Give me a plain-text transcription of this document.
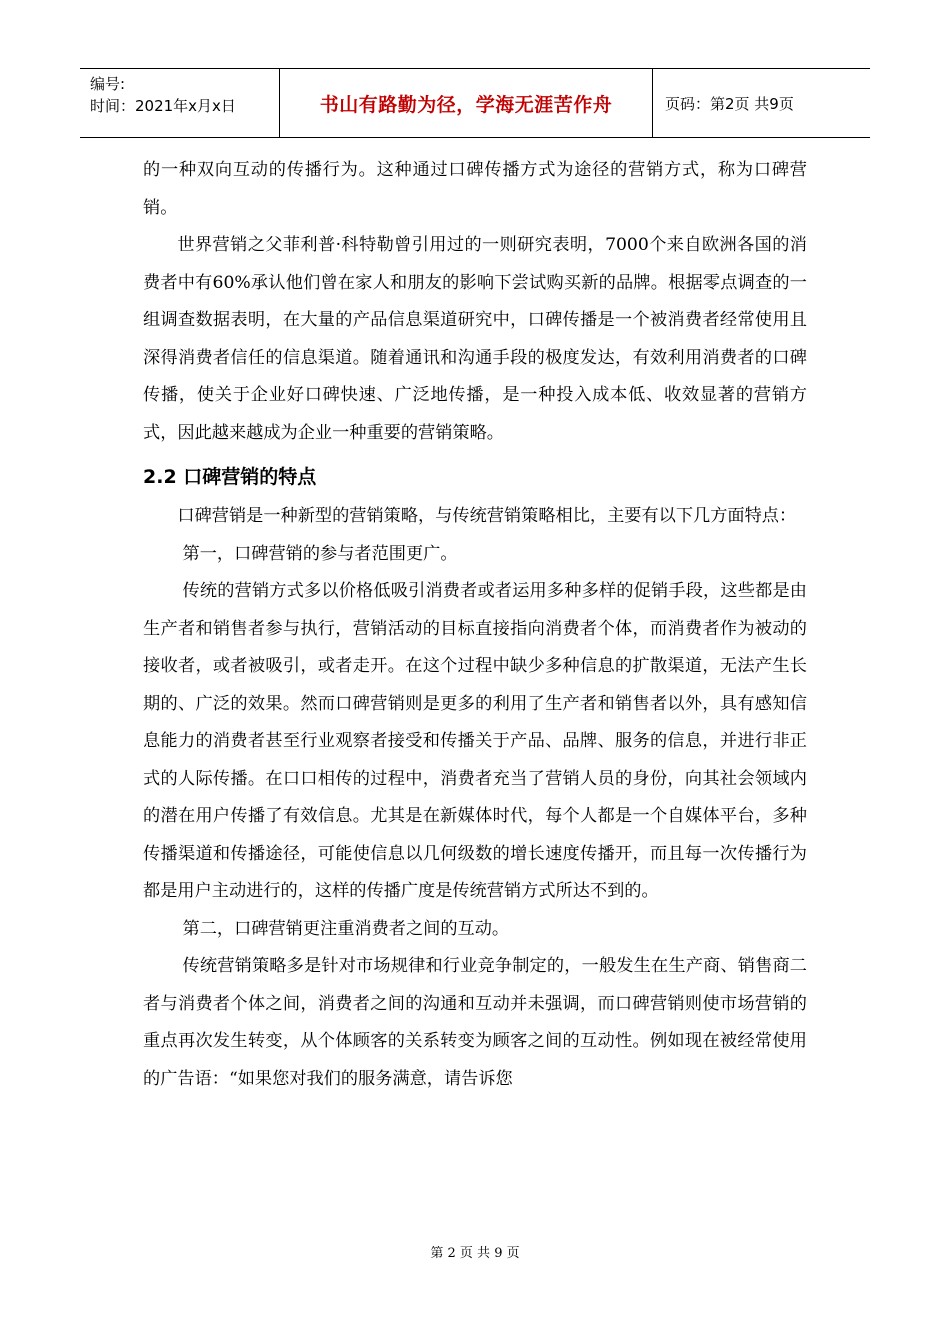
编号:
时间：2021年x月x日	书山有路勤为径，学海无涯苦作舟	页码：第2页 共9页

的一种双向互动的传播行为。这种通过口碑传播方式为途径的营销方式，称为口碑营销。

世界营销之父菲利普·科特勒曾引用过的一则研究表明，7000个来自欧洲各国的消费者中有60%承认他们曾在家人和朋友的影响下尝试购买新的品牌。根据零点调查的一组调查数据表明，在大量的产品信息渠道研究中，口碑传播是一个被消费者经常使用且深得消费者信任的信息渠道。随着通讯和沟通手段的极度发达，有效利用消费者的口碑传播，使关于企业好口碑快速、广泛地传播，是一种投入成本低、收效显著的营销方式，因此越来越成为企业一种重要的营销策略。

2.2 口碑营销的特点

口碑营销是一种新型的营销策略，与传统营销策略相比，主要有以下几方面特点：

第一，口碑营销的参与者范围更广。

传统的营销方式多以价格低吸引消费者或者运用多种多样的促销手段，这些都是由生产者和销售者参与执行，营销活动的目标直接指向消费者个体，而消费者作为被动的接收者，或者被吸引，或者走开。在这个过程中缺少多种信息的扩散渠道，无法产生长期的、广泛的效果。然而口碑营销则是更多的利用了生产者和销售者以外，具有感知信息能力的消费者甚至行业观察者接受和传播关于产品、品牌、服务的信息，并进行非正式的人际传播。在口口相传的过程中，消费者充当了营销人员的身份，向其社会领域内的潜在用户传播了有效信息。尤其是在新媒体时代，每个人都是一个自媒体平台，多种传播渠道和传播途径，可能使信息以几何级数的增长速度传播开，而且每一次传播行为都是用户主动进行的，这样的传播广度是传统营销方式所达不到的。

第二，口碑营销更注重消费者之间的互动。

传统营销策略多是针对市场规律和行业竞争制定的，一般发生在生产商、销售商二者与消费者个体之间，消费者之间的沟通和互动并未强调，而口碑营销则使市场营销的重点再次发生转变，从个体顾客的关系转变为顾客之间的互动性。例如现在被经常使用的广告语：“如果您对我们的服务满意，请告诉您

第 2 页 共 9 页
